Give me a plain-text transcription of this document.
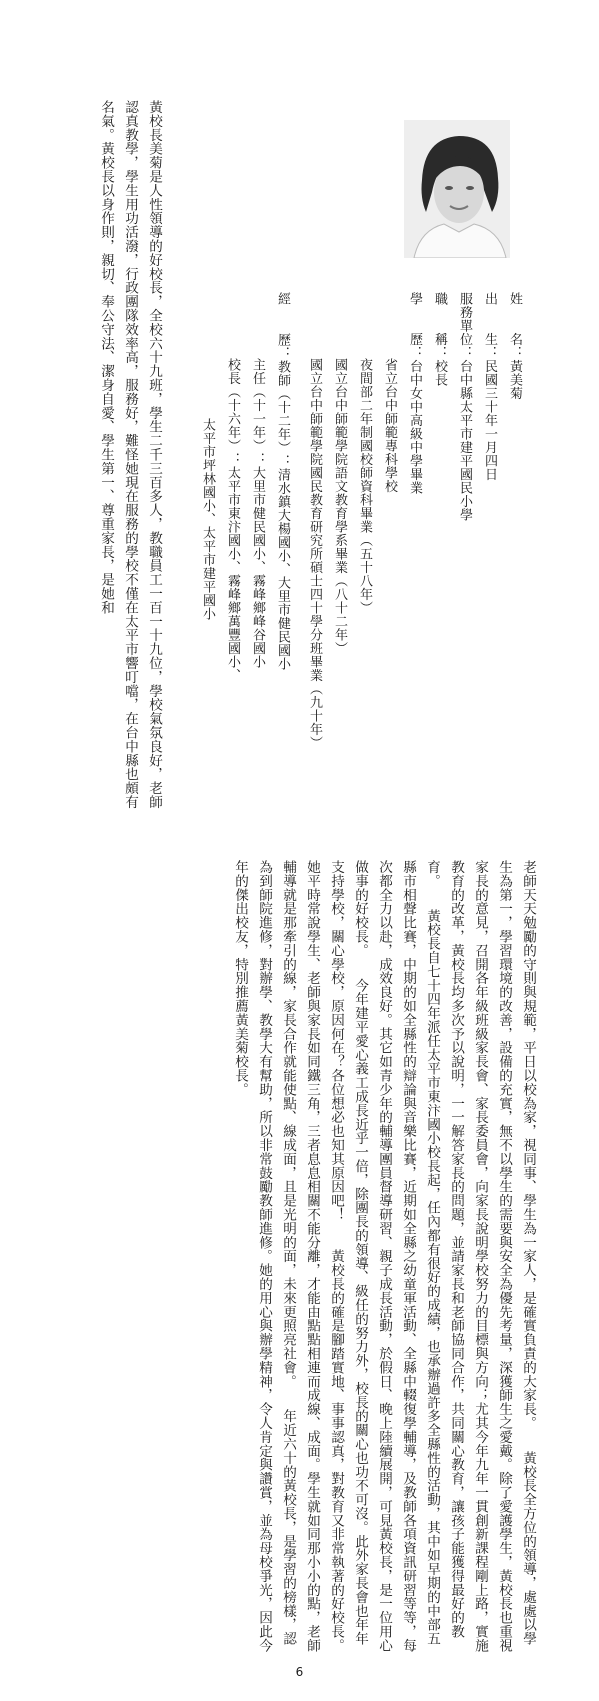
姓　　名：黃美菊
出　　生：民國三十年一月四日
服務單位：台中縣太平市建平國民小學
職　　稱：校長
學　　歷：台中女中高級中學畢業
省立台中師範專科學校
夜間部二年制國校師資科畢業（五十八年）
國立台中師範學院語文教育學系畢業（八十二年）
國立台中師範學院國民教育研究所碩士四十學分班畢業（九十年）
經
歷：教師（十二年）：清水鎮大楊國小、大里市健民國小
主任（十一年）：大里市健民國小、霧峰鄉峰谷國小
校長（十六年）：太平市東汴國小、霧峰鄉萬豐國小、
太平市坪林國小、太平市建平國小
黃校長美菊是人性領導的好校長，全校六十九班，學生二千三百多人，教職員工一百一十九位，學校氣氛良好，老師認真教學，學生用功活潑，行政團隊效率高，服務好，難怪她現在服務的學校不僅在太平市響叮噹，在台中縣也頗有名氣。黃校長以身作則，親切、奉公守法、潔身自愛、學生第一、尊重家長，是她和
老師天天勉勵的守則與規範，平日以校為家，視同事、學生為一家人，是確實負責的大家長。　　黃校長全方位的領導，處處以學生為第一，學習環境的改善，設備的充實，無不以學生的需要與安全為優先考量，深獲師生之愛戴。除了愛護學生，黃校長也重視家長的意見，召開各年級班級家長會、家長委員會，向家長說明學校努力的目標與方向；尤其今年九年一貫創新課程剛上路，實施教育的改革，黃校長均多次予以說明，一一解答家長的問題，並請家長和老師協同合作，共同關心教育，讓孩子能獲得最好的教育。　　黃校長自七十四年派任太平市東汴國小校長起，任內都有很好的成績，也承辦過許多全縣性的活動，其中如早期的中部五縣市相聲比賽，中期的如全縣性的辯論與音樂比賽，近期如全縣之幼童軍活動、全縣中輟復學輔導，及教師各項資訊研習等等，每次都全力以赴，成效良好。其它如青少年的輔導團員督導研習、親子成長活動，於假日、晚上陸續展開，可見黃校長，是一位用心做事的好校長。　　今年建平愛心義工成長近乎一倍，除團長的領導、級任的努力外，校長的關心也功不可沒。此外家長會也年年支持學校，關心學校，原因何在？各位想必也知其原因吧！　　黃校長的確是腳踏實地、事事認真，對教育又非常執著的好校長。她平時常說學生、老師與家長如同鐵三角，三者息息相關不能分離，才能由點點相連而成線、成面。學生就如同那小小的點，老師輔導就是那牽引的線，家長合作就能使點、線成面，且是光明的面，未來更照亮社會。　　年近六十的黃校長，是學習的榜樣，認為到師院進修，對辦學、教學大有幫助，所以非常鼓勵教師進修。她的用心與辦學精神，令人肯定與讚賞，並為母校爭光，因此今年的傑出校友，特別推薦黃美菊校長。
6
